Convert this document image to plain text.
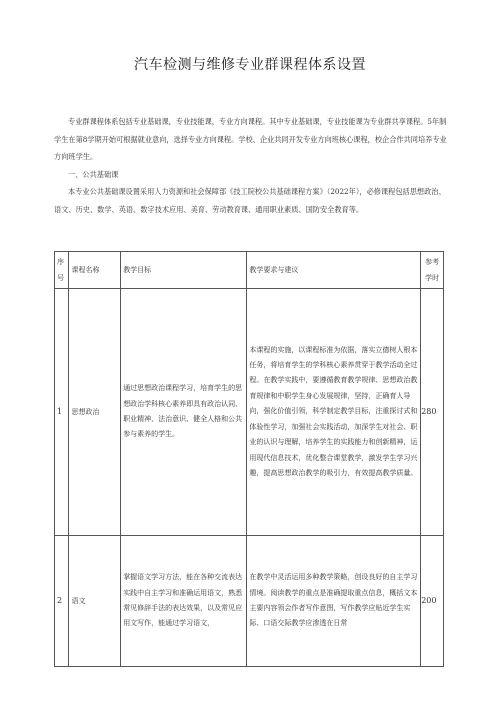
汽车检测与维修专业群课程体系设置

专业群课程体系包括专业基础课，专业技能课，专业方向课程。其中专业基础课，专业技能课为专业群共享课程。5年制学生在第8学期开始可根据就业意向，选择专业方向课程。学校、企业共同开发专业方向班核心课程，校企合作共同培养专业方向班学生。

一、公共基础课

本专业公共基础课设置采用人力资源和社会保障部《技工院校公共基础课程方案》（2022年），必修课程包括思想政治、语文、历史、数学、英语、数字技术应用、美育、劳动教育课、通用职业素质、国防安全教育等。

序
号	课程名称	教学目标	教学要求与建议	参考
学时
1	思想政治	通过思想政治课程学习，培育学生的思想政治学科核心素养即具有政治认同、职业精神、法治意识、健全人格和公共参与素养的学生。	本课程的实施，以课程标准为依据，落实立德树人根本任务，将培育学生的学科核心素养贯穿于教学活动全过程。在教学实践中，要遵循教育教学规律、思想政治教育规律和中职学生身心发展规律，坚持，正确育人导向，强化价值引领，科学制定教学目标，注重探讨式和体验性学习，加强社会实践活动，加深学生对社会、职业的认识与理解，培养学生的实践能力和创新精神，运用现代信息技术，优化整合课堂教学，激发学生学习兴趣，提高思想政治教学的吸引力，有效提高教学质量。	280
2	语文	掌握语文学习方法，能在各种交流表达实践中自主学习和准确运用语文，熟悉常见修辞手法的表达效果，以及常见应用文写作，能通过学习语文，	在教学中灵活运用多种教学策略，创设良好的自主学习情境。阅读教学的重点是准确提取重点信息，概括文本主要内容领会作者写作意图，写作教学应贴近学生实际、口语交际教学应渗透在日常	200
